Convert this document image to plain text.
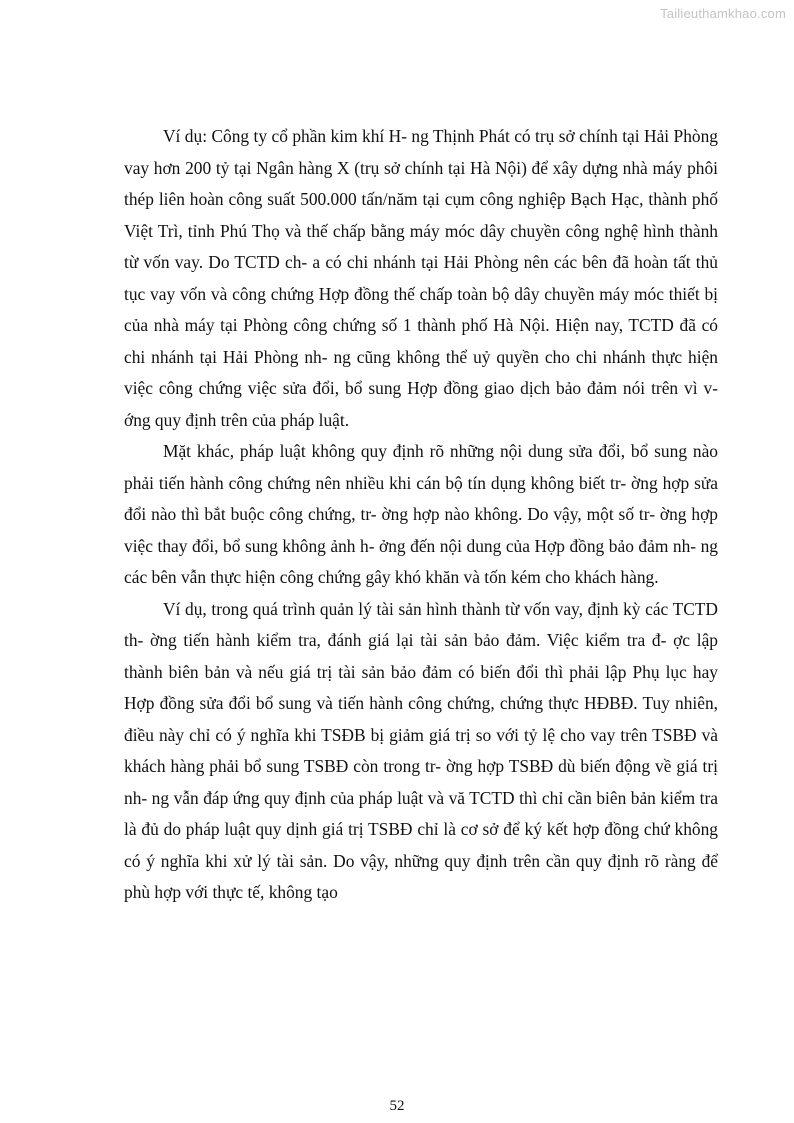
Tailieuthamkhao.com

Ví dụ: Công ty cổ phần kim khí H- ng Thịnh Phát có trụ sở chính tại Hải Phòng vay hơn 200 tỷ tại Ngân hàng X (trụ sở chính tại Hà Nội) để xây dựng nhà máy phôi thép liên hoàn công suất 500.000 tấn/năm tại cụm công nghiệp Bạch Hạc, thành phố Việt Trì, tỉnh Phú Thọ và thế chấp bằng máy móc dây chuyền công nghệ hình thành từ vốn vay. Do TCTD ch- a có chi nhánh tại Hải Phòng nên các bên đã hoàn tất thủ tục vay vốn và công chứng Hợp đồng thế chấp toàn bộ dây chuyền máy móc thiết bị của nhà máy tại Phòng công chứng số 1 thành phố Hà Nội. Hiện nay, TCTD đã có chi nhánh tại Hải Phòng nh- ng cũng không thể uỷ quyền cho chi nhánh thực hiện việc công chứng việc sửa đổi, bổ sung Hợp đồng giao dịch bảo đảm nói trên vì v- ớng quy định trên của pháp luật.

Mặt khác, pháp luật không quy định rõ những nội dung sửa đổi, bổ sung nào phải tiến hành công chứng nên nhiều khi cán bộ tín dụng không biết tr- ờng hợp sửa đổi nào thì bắt buộc công chứng, tr- ờng hợp nào không. Do vậy, một số tr- ờng hợp việc thay đổi, bổ sung không ảnh h- ởng đến nội dung của Hợp đồng bảo đảm nh- ng các bên vẫn thực hiện công chứng gây khó khăn và tốn kém cho khách hàng.

Ví dụ, trong quá trình quản lý tài sản hình thành từ vốn vay, định kỳ các TCTD th- ờng tiến hành kiểm tra, đánh giá lại tài sản bảo đảm. Việc kiểm tra đ- ợc lập thành biên bản và nếu giá trị tài sản bảo đảm có biến đổi thì phải lập Phụ lục hay Hợp đồng sửa đổi bổ sung và tiến hành công chứng, chứng thực HĐBĐ. Tuy nhiên, điều này chỉ có ý nghĩa khi TSĐB bị giảm giá trị so với tỷ lệ cho vay trên TSBĐ và khách hàng phải bổ sung TSBĐ còn trong tr- ờng hợp TSBĐ dù biến động về giá trị nh- ng vẫn đáp ứng quy định của pháp luật và vă TCTD thì chỉ cần biên bản kiểm tra là đủ do pháp luật quy dịnh giá trị TSBĐ chỉ là cơ sở để ký kết hợp đồng chứ không có ý nghĩa khi xử lý tài sản. Do vậy, những quy định trên cần quy định rõ ràng để phù hợp với thực tế, không tạo

52
